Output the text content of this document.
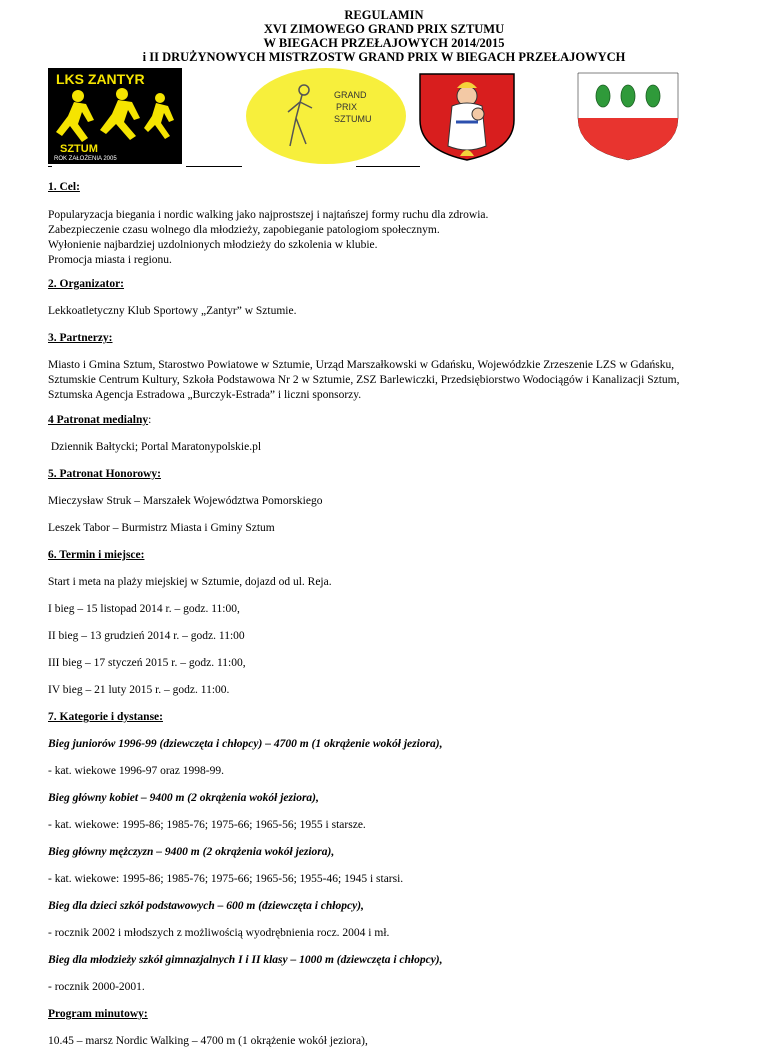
REGULAMIN
XVI ZIMOWEGO GRAND PRIX SZTUMU
W BIEGACH PRZEŁAJOWYCH 2014/2015
i II DRUŻYNOWYCH MISTRZOSTW GRAND PRIX W BIEGACH PRZEŁAJOWYCH
LKS ZANTYR
SZTUM
ROK ZAŁOŻENIA 2005
GRAND
PRIX
SZTUMU

1. Cel:

Popularyzacja biegania i nordic walking jako najprostszej i najtańszej formy ruchu dla zdrowia.

Zabezpieczenie czasu wolnego dla młodzieży, zapobieganie patologiom społecznym.

Wyłonienie najbardziej uzdolnionych młodzieży do szkolenia w klubie.

Promocja miasta i regionu.

2. Organizator:

Lekkoatletyczny Klub Sportowy „Zantyr” w Sztumie.

3. Partnerzy:

Miasto i Gmina Sztum, Starostwo Powiatowe w Sztumie, Urząd Marszałkowski w Gdańsku, Wojewódzkie Zrzeszenie LZS w Gdańsku,

Sztumskie Centrum Kultury, Szkoła Podstawowa Nr 2 w Sztumie, ZSZ Barlewiczki, Przedsiębiorstwo Wodociągów i Kanalizacji Sztum,

Sztumska Agencja Estradowa „Burczyk-Estrada” i liczni sponsorzy.

4 Patronat medialny:

Dziennik Bałtycki; Portal Maratonypolskie.pl

5. Patronat Honorowy:

Mieczysław Struk – Marszałek Województwa Pomorskiego

Leszek Tabor – Burmistrz Miasta i Gminy Sztum

6. Termin i miejsce:

Start i meta na plaży miejskiej w Sztumie, dojazd od ul. Reja.

I bieg – 15 listopad 2014 r. – godz. 11:00,

II bieg – 13 grudzień 2014 r. – godz. 11:00

III bieg – 17 styczeń 2015 r. – godz. 11:00,

IV bieg – 21 luty 2015 r. – godz. 11:00.

7. Kategorie i dystanse:

Bieg juniorów 1996-99 (dziewczęta i chłopcy) – 4700 m (1 okrążenie wokół jeziora),

- kat. wiekowe 1996-97 oraz 1998-99.

Bieg główny kobiet – 9400 m (2 okrążenia wokół jeziora),

- kat. wiekowe: 1995-86; 1985-76; 1975-66; 1965-56; 1955 i starsze.

Bieg główny mężczyzn – 9400 m (2 okrążenia wokół jeziora),

- kat. wiekowe: 1995-86; 1985-76; 1975-66; 1965-56; 1955-46; 1945 i starsi.

Bieg dla dzieci szkół podstawowych – 600 m (dziewczęta i chłopcy),

- rocznik 2002 i młodszych z możliwością wyodrębnienia rocz. 2004 i mł.

Bieg dla młodzieży szkół gimnazjalnych I i II klasy – 1000 m (dziewczęta i chłopcy),

- rocznik 2000-2001.

Program minutowy:

10.45 – marsz Nordic Walking – 4700 m (1 okrążenie wokół jeziora),
